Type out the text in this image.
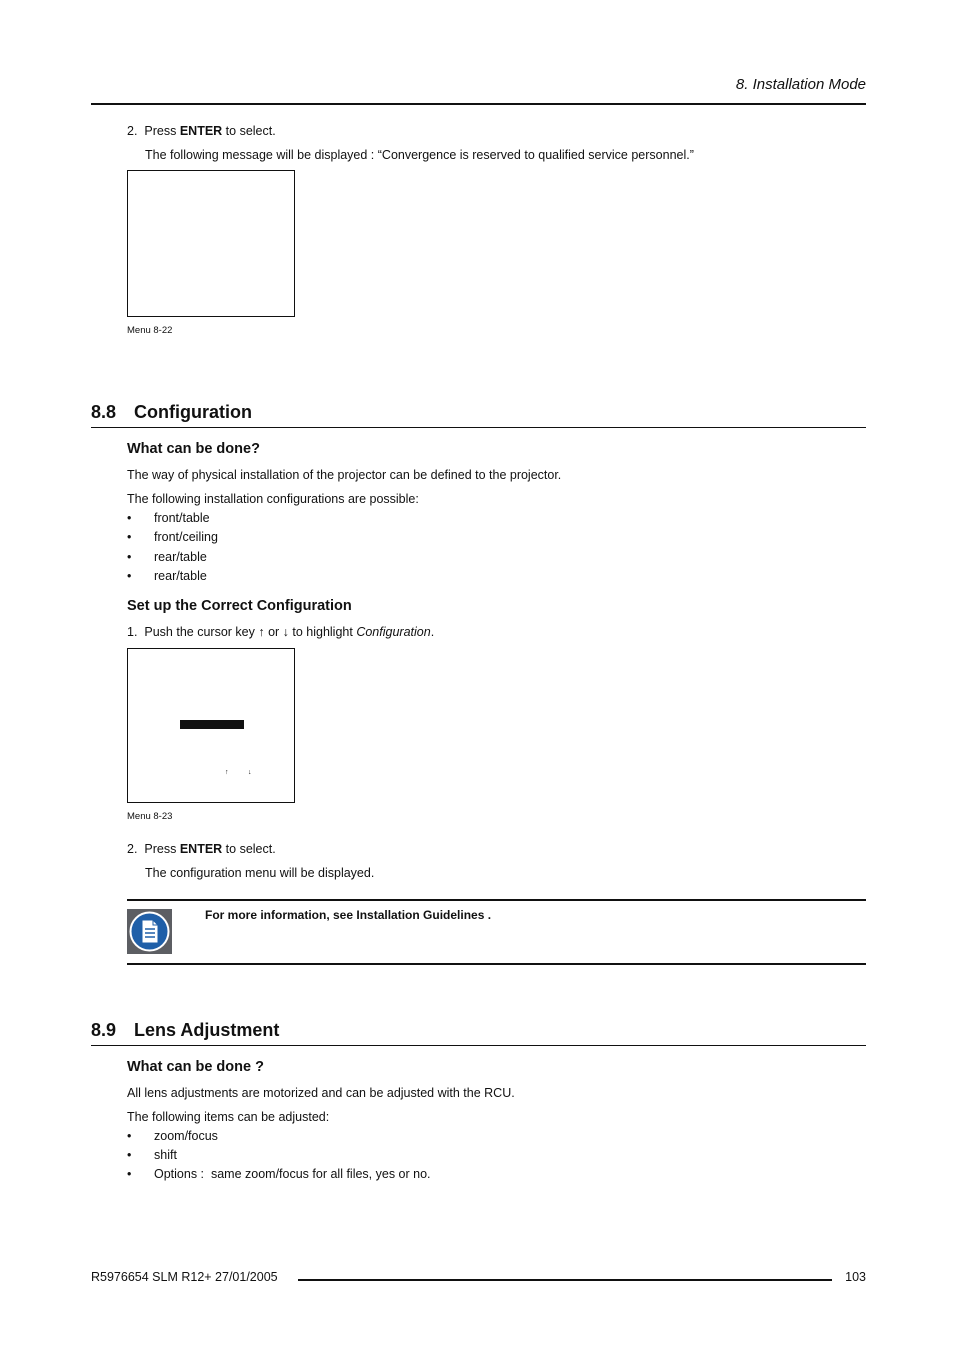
8. Installation Mode
2. Press ENTER to select.
The following message will be displayed : “Convergence is reserved to qualified service personnel.”
Menu 8-22
8.8 Configuration
What can be done?
The way of physical installation of the projector can be defined to the projector.
The following installation configurations are possible:
• front/table
• front/ceiling
• rear/table
• rear/table
Set up the Correct Configuration
1. Push the cursor key ↑ or ↓ to highlight Configuration.
↑	↓
Menu 8-23
2. Press ENTER to select.
The configuration menu will be displayed.
For more information, see Installation Guidelines .
8.9 Lens Adjustment
What can be done ?
All lens adjustments are motorized and can be adjusted with the RCU.
The following items can be adjusted:
• zoom/focus
• shift
• Options :  same zoom/focus for all files, yes or no.
R5976654 SLM R12+ 27/01/2005	103
